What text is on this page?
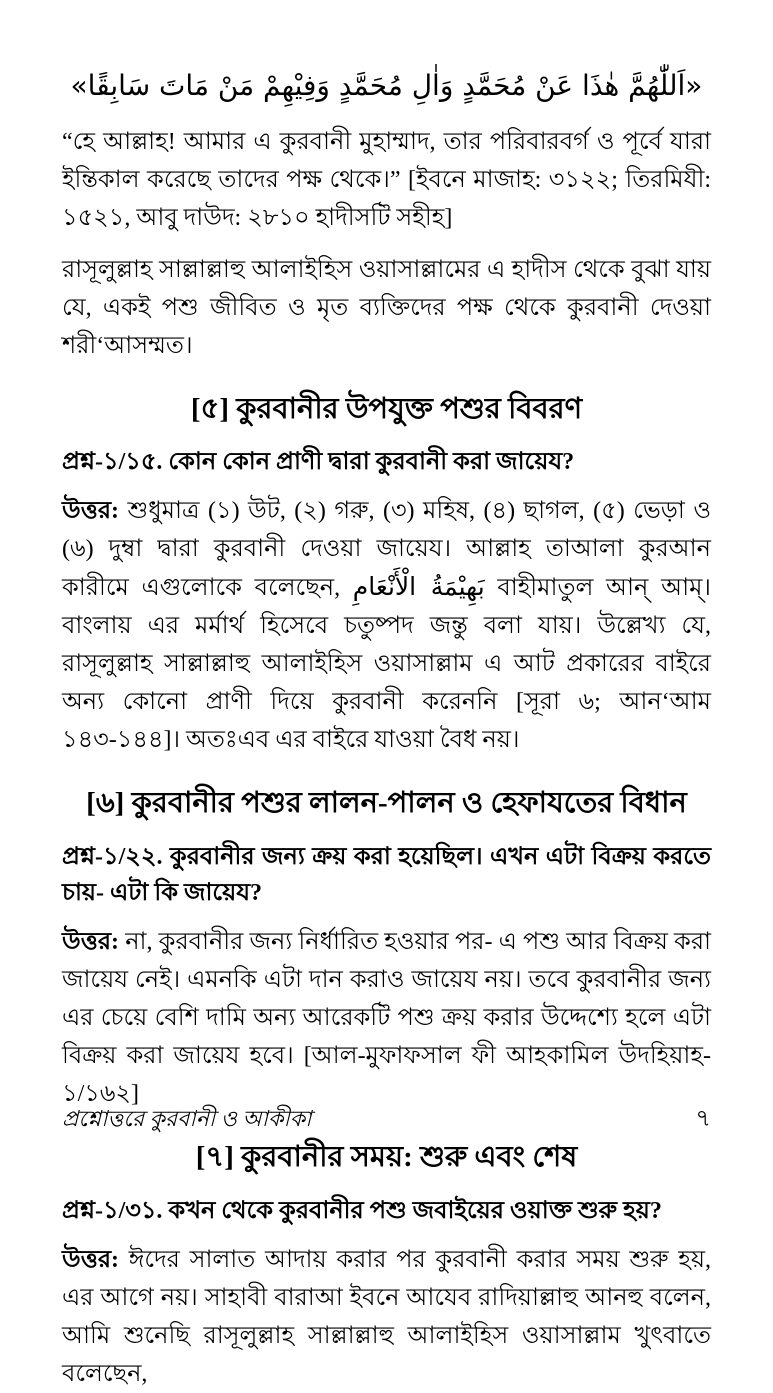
«اَللّٰهُمَّ هٰذَا عَنْ مُحَمَّدٍ وَاٰلِ مُحَمَّدٍ وَفِيْهِمْ مَنْ مَاتَ سَابِقًا»

“হে আল্লাহ! আমার এ কুরবানী মুহাম্মাদ, তার পরিবারবর্গ ও পূর্বে যারা ইন্তিকাল করেছে তাদের পক্ষ থেকে।” [ইবনে মাজাহ: ৩১২২; তিরমিযী: ১৫২১, আবু দাউদ: ২৮১০ হাদীসটি সহীহ]

রাসূলুল্লাহ সাল্লাল্লাহু আলাইহিস ওয়াসাল্লামের এ হাদীস থেকে বুঝা যায় যে, একই পশু জীবিত ও মৃত ব্যক্তিদের পক্ষ থেকে কুরবানী দেওয়া শরী‘আসম্মত।

[৫] কুরবানীর উপযুক্ত পশুর বিবরণ

প্রশ্ন-১/১৫. কোন কোন প্রাণী দ্বারা কুরবানী করা জায়েয?

উত্তর: শুধুমাত্র (১) উট, (২) গরু, (৩) মহিষ, (৪) ছাগল, (৫) ভেড়া ও (৬) দুম্বা দ্বারা কুরবানী দেওয়া জায়েয। আল্লাহ তাআলা কুরআন কারীমে এগুলোকে বলেছেন, بَهِيْمَةُ الْأَنْعَامِ বাহীমাতুল আন্ আম্। বাংলায় এর মর্মার্থ হিসেবে চতুষ্পদ জন্তু বলা যায়। উল্লেখ্য যে, রাসূলুল্লাহ সাল্লাল্লাহু আলাইহিস ওয়াসাল্লাম এ আট প্রকারের বাইরে অন্য কোনো প্রাণী দিয়ে কুরবানী করেননি [সূরা ৬; আন‘আম ১৪৩-১৪৪]। অতঃএব এর বাইরে যাওয়া বৈধ নয়।

[৬] কুরবানীর পশুর লালন-পালন ও হেফাযতের বিধান

প্রশ্ন-১/২২. কুরবানীর জন্য ক্রয় করা হয়েছিল। এখন এটা বিক্রয় করতে চায়- এটা কি জায়েয?

উত্তর: না, কুরবানীর জন্য নির্ধারিত হওয়ার পর- এ পশু আর বিক্রয় করা জায়েয নেই। এমনকি এটা দান করাও জায়েয নয়। তবে কুরবানীর জন্য এর চেয়ে বেশি দামি অন্য আরেকটি পশু ক্রয় করার উদ্দেশ্যে হলে এটা বিক্রয় করা জায়েয হবে। [আল-মুফাফসাল ফী আহকামিল উদহিয়াহ- ১/১৬২]

[৭] কুরবানীর সময়: শুরু এবং শেষ

প্রশ্ন-১/৩১. কখন থেকে কুরবানীর পশু জবাইয়ের ওয়াক্ত শুরু হয়?

উত্তর: ঈদের সালাত আদায় করার পর কুরবানী করার সময় শুরু হয়, এর আগে নয়। সাহাবী বারাআ ইবনে আযেব রাদিয়াল্লাহু আনহু বলেন, আমি শুনেছি রাসূলুল্লাহ সাল্লাল্লাহু আলাইহিস ওয়াসাল্লাম খুৎবাতে বলেছেন,

প্রশ্নোত্তরে কুরবানী ও আকীকা	৭
